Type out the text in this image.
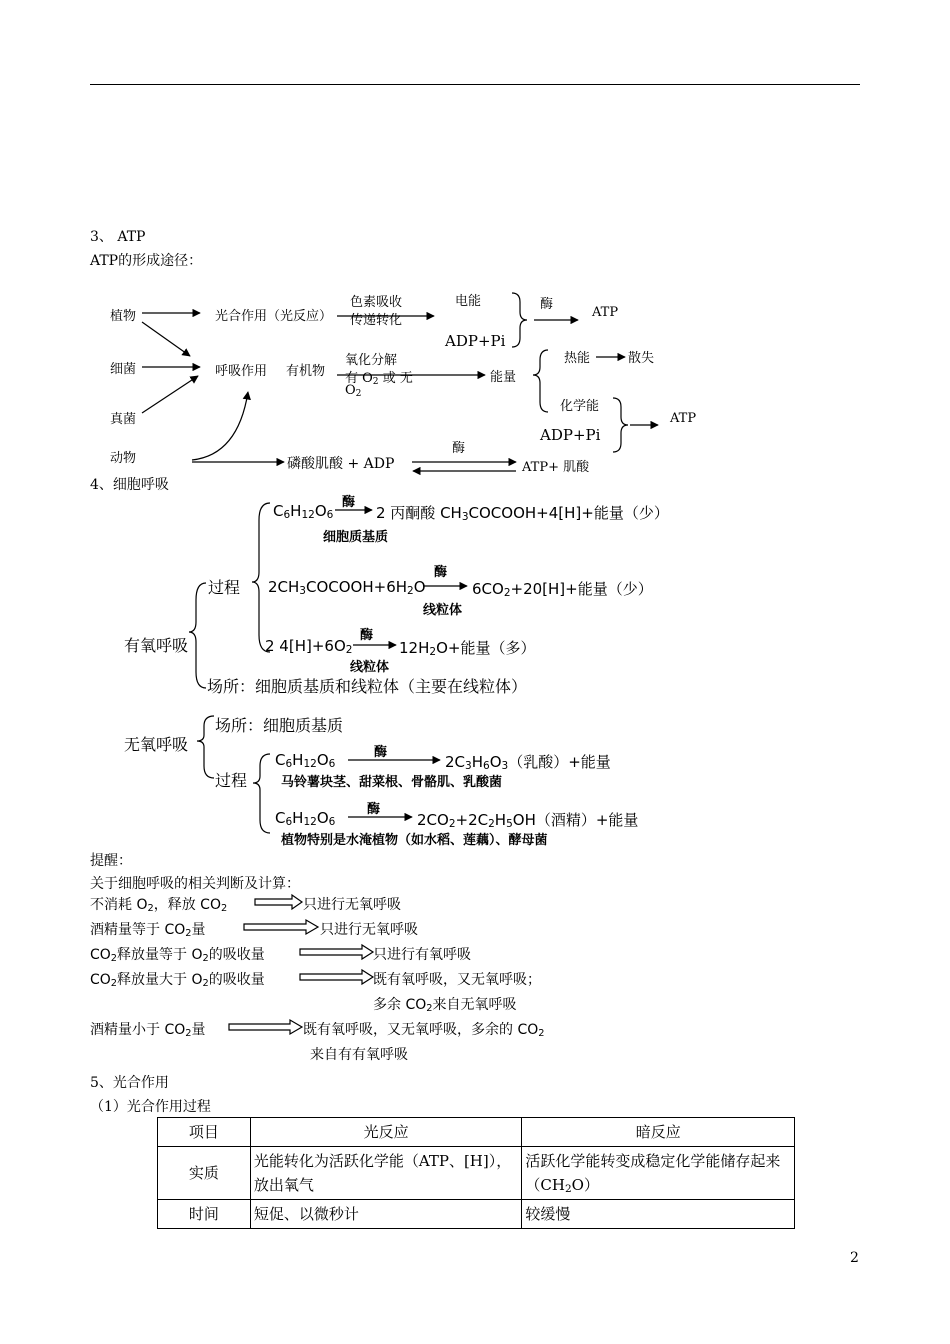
3、 ATP
ATP的形成途径：
植物
细菌
真菌
动物
光合作用（光反应）
呼吸作用 有机物
色素吸收
传递转化
电能
ADP+Pi
酶
ATP
氧化分解
有 $O_2$ 或 无
$O_2$
能量
热能	散失
化学能
ADP+Pi
ATP
磷酸肌酸 + ADP
酶
ATP+ 肌酸
4、细胞呼吸
有氧呼吸
过程
$C_6H_{12}O_6$
酶
2 丙酮酸 $CH_3COCOOH+4[H]+$能量（少）
细胞质基质
$2CH_3COCOOH+6H_2O$
酶
$6CO_2+20[H]+$能量（少）
线粒体
2 $4[H]+6O_2$
酶
$12H_2O+$能量（多）
线粒体
场所：细胞质基质和线粒体（主要在线粒体）
无氧呼吸
场所：细胞质基质
过程
$C_6H_{12}O_6$
酶
$2C_3H_6O_3$（乳酸）+能量
马铃薯块茎、甜菜根、骨骼肌、乳酸菌
$C_6H_{12}O_6$
酶
$2CO_2+2C_2H_5OH$（酒精）+能量
植物特别是水淹植物（如水稻、莲藕）、酵母菌
提醒：
关于细胞呼吸的相关判断及计算：
不消耗 $O_2$，释放 $CO_2$	只进行无氧呼吸
酒精量等于 $CO_2$量	只进行无氧呼吸
$CO_2$释放量等于 $O_2$的吸收量	只进行有氧呼吸
$CO_2$释放量大于 $O_2$的吸收量	既有氧呼吸，又无氧呼吸；
多余 $CO_2$来自无氧呼吸
酒精量小于 $CO_2$量	既有氧呼吸，又无氧呼吸，多余的 $CO_2$
来自有有氧呼吸
5、光合作用
（1）光合作用过程
项目	光反应	暗反应
实质	光能转化为活跃化学能（ATP、[H]），放出氧气	活跃化学能转变成稳定化学能储存起来$(CH_2O)$
时间	短促、以微秒计	较缓慢
2
